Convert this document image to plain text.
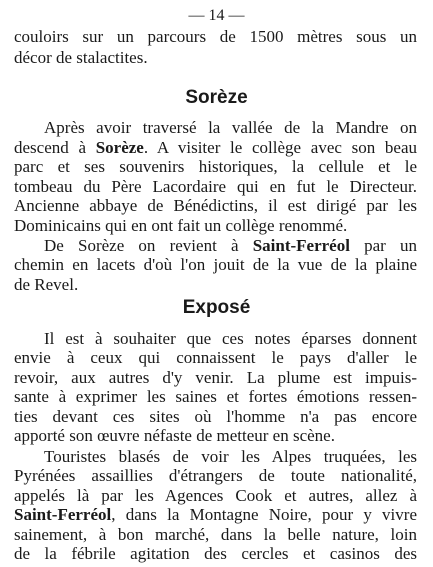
— 14 —
couloirs sur un parcours de 1500 mètres sous un
décor de stalactites.
Sorèze
Après avoir traversé la vallée de la Mandre on
descend à Sorèze. A visiter le collège avec son beau
parc et ses souvenirs historiques, la cellule et le
tombeau du Père Lacordaire qui en fut le Directeur.
Ancienne abbaye de Bénédictins, il est dirigé par les
Dominicains qui en ont fait un collège renommé.
De Sorèze on revient à Saint-Ferréol par un
chemin en lacets d'où l'on jouit de la vue de la plaine
de Revel.
Exposé
Il est à souhaiter que ces notes éparses donnent
envie à ceux qui connaissent le pays d'aller le
revoir, aux autres d'y venir. La plume est impuis-
sante à exprimer les saines et fortes émotions ressen-
ties devant ces sites où l'homme n'a pas encore
apporté son œuvre néfaste de metteur en scène.
Touristes blasés de voir les Alpes truquées, les
Pyrénées assaillies d'étrangers de toute nationalité,
appelés là par les Agences Cook et autres, allez à
Saint-Ferréol, dans la Montagne Noire, pour y vivre
sainement, à bon marché, dans la belle nature, loin
de la fébrile agitation des cercles et casinos des
